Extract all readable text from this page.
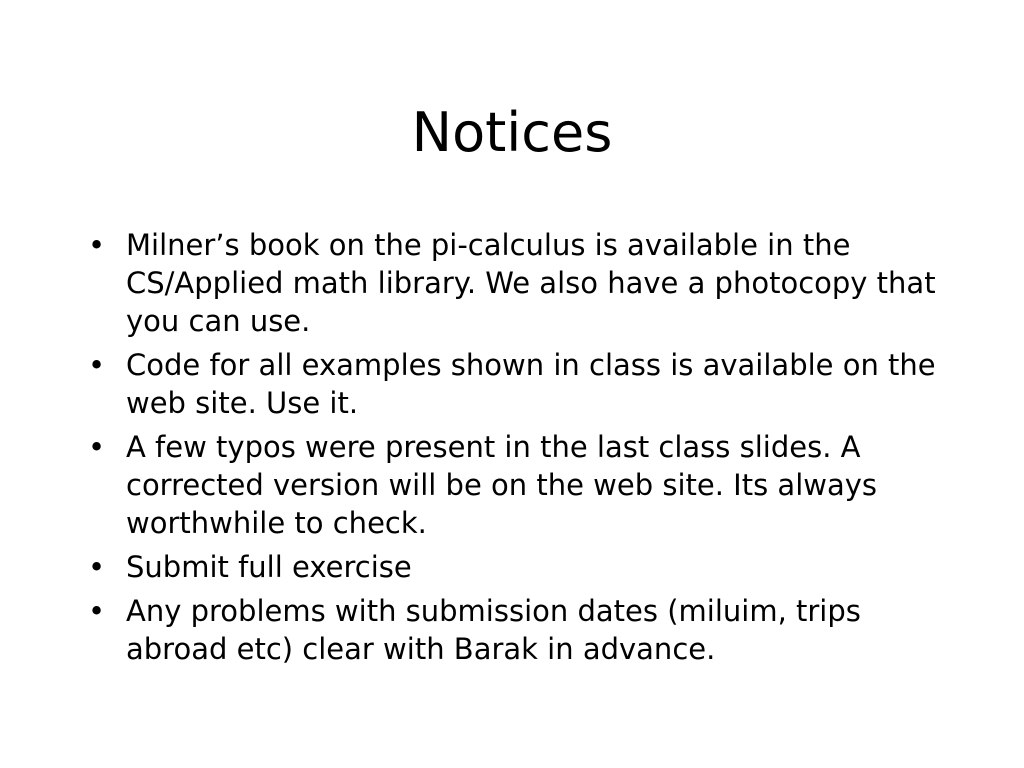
Notices
• Milner’s book on the pi-calculus is available in the CS/Applied math library. We also have a photocopy that you can use.
• Code for all examples shown in class is available on the web site. Use it.
• A few typos were present in the last class slides. A corrected version will be on the web site. Its always worthwhile to check.
• Submit full exercise
• Any problems with submission dates (miluim, trips abroad etc) clear with Barak in advance.
